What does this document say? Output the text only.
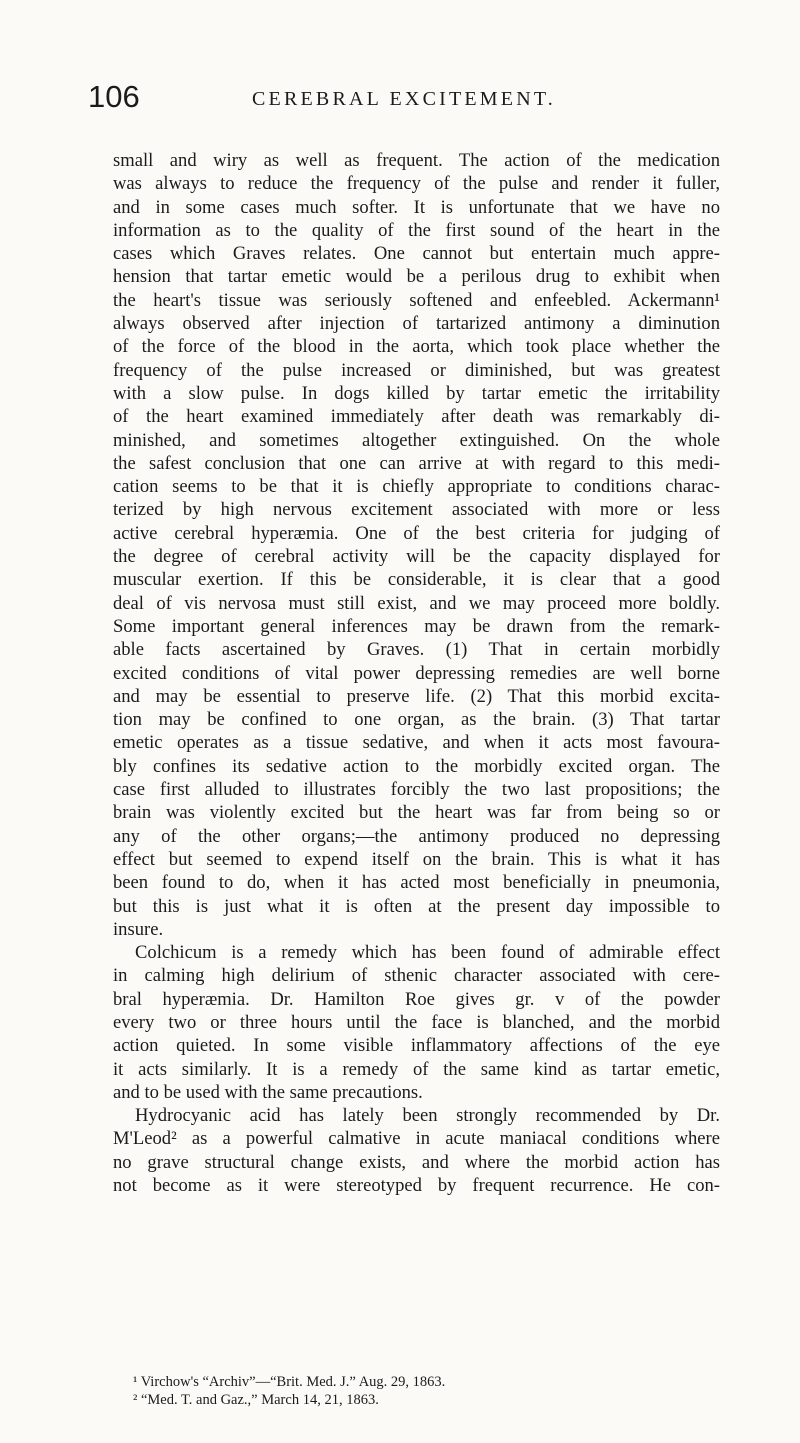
106	CEREBRAL EXCITEMENT.
small and wiry as well as frequent. The action of the medication
was always to reduce the frequency of the pulse and render it fuller,
and in some cases much softer. It is unfortunate that we have no
information as to the quality of the first sound of the heart in the
cases which Graves relates. One cannot but entertain much appre-
hension that tartar emetic would be a perilous drug to exhibit when
the heart's tissue was seriously softened and enfeebled. Ackermann¹
always observed after injection of tartarized antimony a diminution
of the force of the blood in the aorta, which took place whether the
frequency of the pulse increased or diminished, but was greatest
with a slow pulse. In dogs killed by tartar emetic the irritability
of the heart examined immediately after death was remarkably di-
minished, and sometimes altogether extinguished. On the whole
the safest conclusion that one can arrive at with regard to this medi-
cation seems to be that it is chiefly appropriate to conditions charac-
terized by high nervous excitement associated with more or less
active cerebral hyperæmia. One of the best criteria for judging of
the degree of cerebral activity will be the capacity displayed for
muscular exertion. If this be considerable, it is clear that a good
deal of vis nervosa must still exist, and we may proceed more boldly.
Some important general inferences may be drawn from the remark-
able facts ascertained by Graves. (1) That in certain morbidly
excited conditions of vital power depressing remedies are well borne
and may be essential to preserve life. (2) That this morbid excita-
tion may be confined to one organ, as the brain. (3) That tartar
emetic operates as a tissue sedative, and when it acts most favoura-
bly confines its sedative action to the morbidly excited organ. The
case first alluded to illustrates forcibly the two last propositions; the
brain was violently excited but the heart was far from being so or
any of the other organs;—the antimony produced no depressing
effect but seemed to expend itself on the brain. This is what it has
been found to do, when it has acted most beneficially in pneumonia,
but this is just what it is often at the present day impossible to
insure.
Colchicum is a remedy which has been found of admirable effect
in calming high delirium of sthenic character associated with cere-
bral hyperæmia. Dr. Hamilton Roe gives gr. v of the powder
every two or three hours until the face is blanched, and the morbid
action quieted. In some visible inflammatory affections of the eye
it acts similarly. It is a remedy of the same kind as tartar emetic,
and to be used with the same precautions.
Hydrocyanic acid has lately been strongly recommended by Dr.
M'Leod² as a powerful calmative in acute maniacal conditions where
no grave structural change exists, and where the morbid action has
not become as it were stereotyped by frequent recurrence. He con-
¹ Virchow's “Archiv”—“Brit. Med. J.” Aug. 29, 1863.
² “Med. T. and Gaz.,” March 14, 21, 1863.
